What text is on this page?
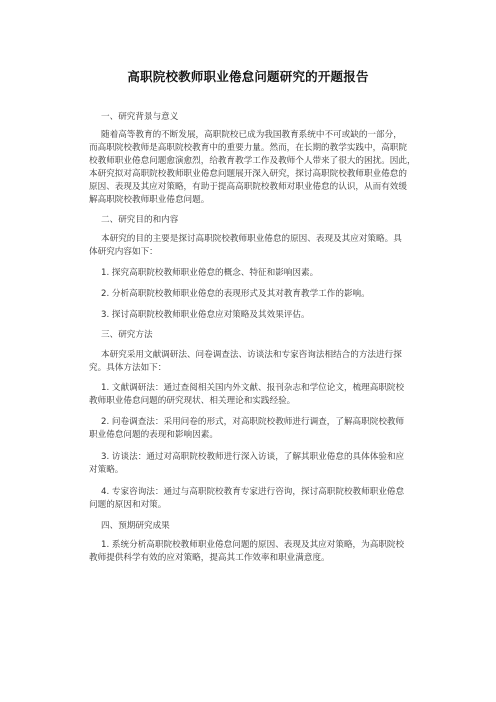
高职院校教师职业倦怠问题研究的开题报告
一、研究背景与意义
随着高等教育的不断发展，高职院校已成为我国教育系统中不可或缺的一部分，
而高职院校教师是高职院校教育中的重要力量。然而，在长期的教学实践中，高职院
校教师职业倦怠问题愈演愈烈，给教育教学工作及教师个人带来了很大的困扰。因此，
本研究拟对高职院校教师职业倦怠问题展开深入研究，探讨高职院校教师职业倦怠的
原因、表现及其应对策略，有助于提高高职院校教师对职业倦怠的认识，从而有效缓
解高职院校教师职业倦怠问题。
二、研究目的和内容
本研究的目的主要是探讨高职院校教师职业倦怠的原因、表现及其应对策略。具
体研究内容如下：
1. 探究高职院校教师职业倦怠的概念、特征和影响因素。
2. 分析高职院校教师职业倦怠的表现形式及其对教育教学工作的影响。
3. 探讨高职院校教师职业倦怠应对策略及其效果评估。
三、研究方法
本研究采用文献调研法、问卷调查法、访谈法和专家咨询法相结合的方法进行探
究。具体方法如下：
1. 文献调研法：通过查阅相关国内外文献、报刊杂志和学位论文，梳理高职院校
教师职业倦怠问题的研究现状、相关理论和实践经验。
2. 问卷调查法：采用问卷的形式，对高职院校教师进行调查，了解高职院校教师
职业倦怠问题的表现和影响因素。
3. 访谈法：通过对高职院校教师进行深入访谈，了解其职业倦怠的具体体验和应
对策略。
4. 专家咨询法：通过与高职院校教育专家进行咨询，探讨高职院校教师职业倦怠
问题的原因和对策。
四、预期研究成果
1. 系统分析高职院校教师职业倦怠问题的原因、表现及其应对策略，为高职院校
教师提供科学有效的应对策略，提高其工作效率和职业满意度。
